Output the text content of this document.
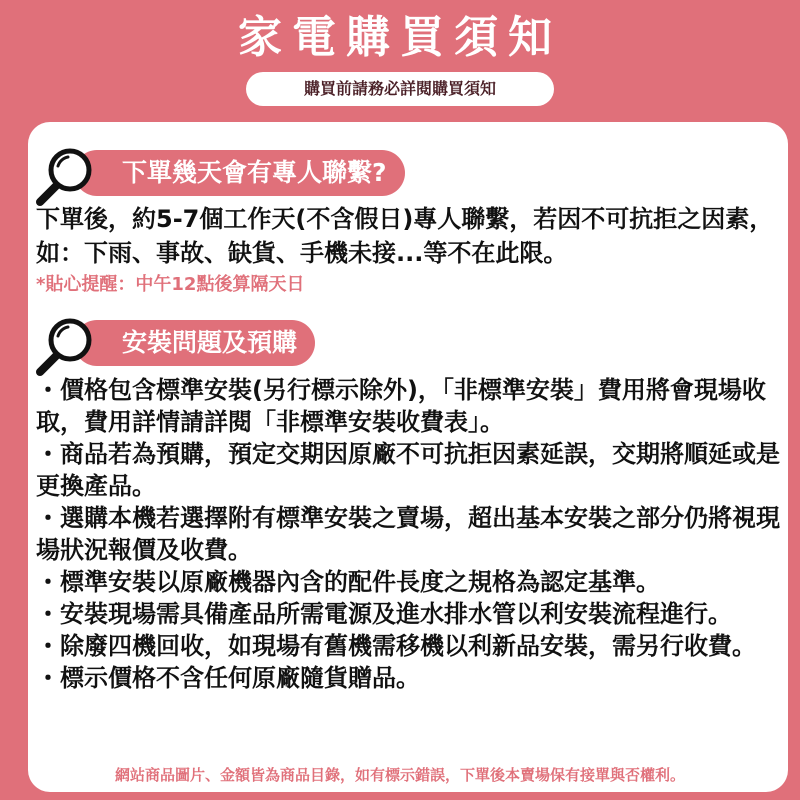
家電購買須知
購買前請務必詳閱購買須知
下單幾天會有專人聯繫?

下單後，約5-7個工作天(不含假日)專人聯繫，若因不可抗拒之因素，如：下雨、事故、缺貨、手機未接...等不在此限。

*貼心提醒：中午12點後算隔天日
安裝問題及預購
・價格包含標準安裝(另行標示除外)，「非標準安裝」費用將會現場收取，費用詳情請詳閱「非標準安裝收費表」。
・商品若為預購，預定交期因原廠不可抗拒因素延誤，交期將順延或是更換產品。
・選購本機若選擇附有標準安裝之賣場，超出基本安裝之部分仍將視現場狀況報價及收費。
・標準安裝以原廠機器內含的配件長度之規格為認定基準。
・安裝現場需具備產品所需電源及進水排水管以利安裝流程進行。
・除廢四機回收，如現場有舊機需移機以利新品安裝，需另行收費。
・標示價格不含任何原廠隨貨贈品。
網站商品圖片、金額皆為商品目錄，如有標示錯誤，下單後本賣場保有接單與否權利。
